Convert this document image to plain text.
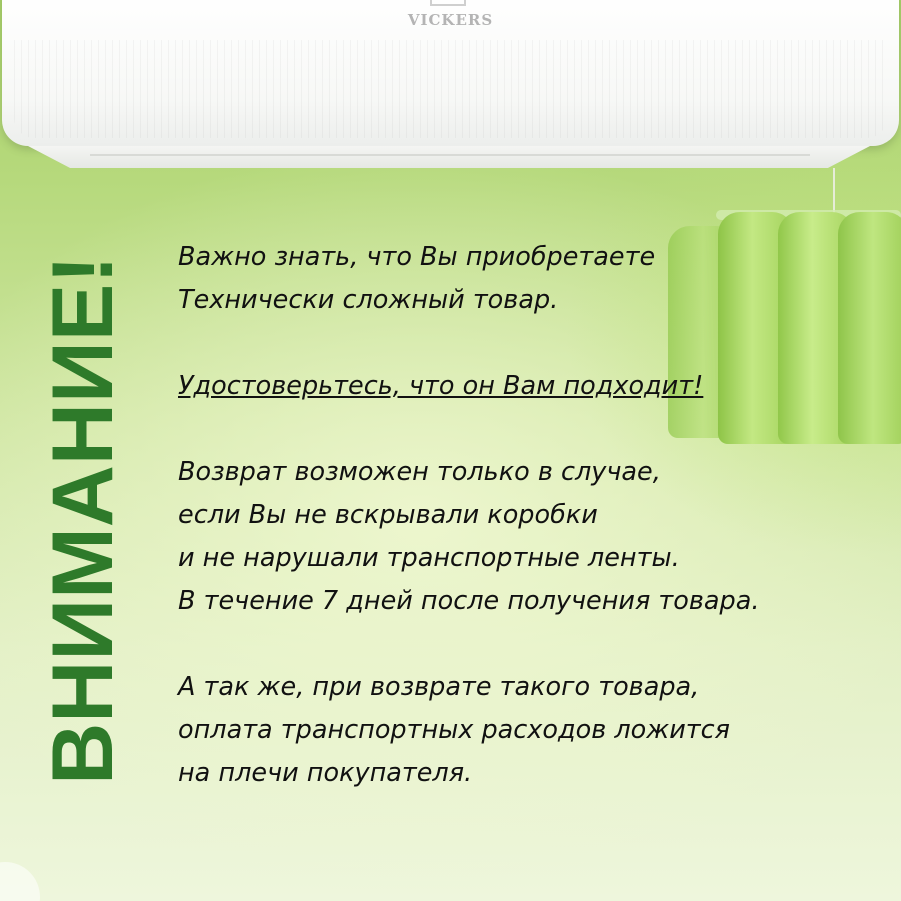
VICKERS
ВНИМАНИЕ! Важно знать, что Вы приобретаете

Технически сложный товар.

Удостоверьтесь, что он Вам подходит!

Возврат возможен только в случае,

если Вы не вскрывали коробки

и не нарушали транспортные ленты.

В течение 7 дней после получения товара.

А так же, при возврате такого товара,

оплата транспортных расходов ложится

на плечи покупателя.
